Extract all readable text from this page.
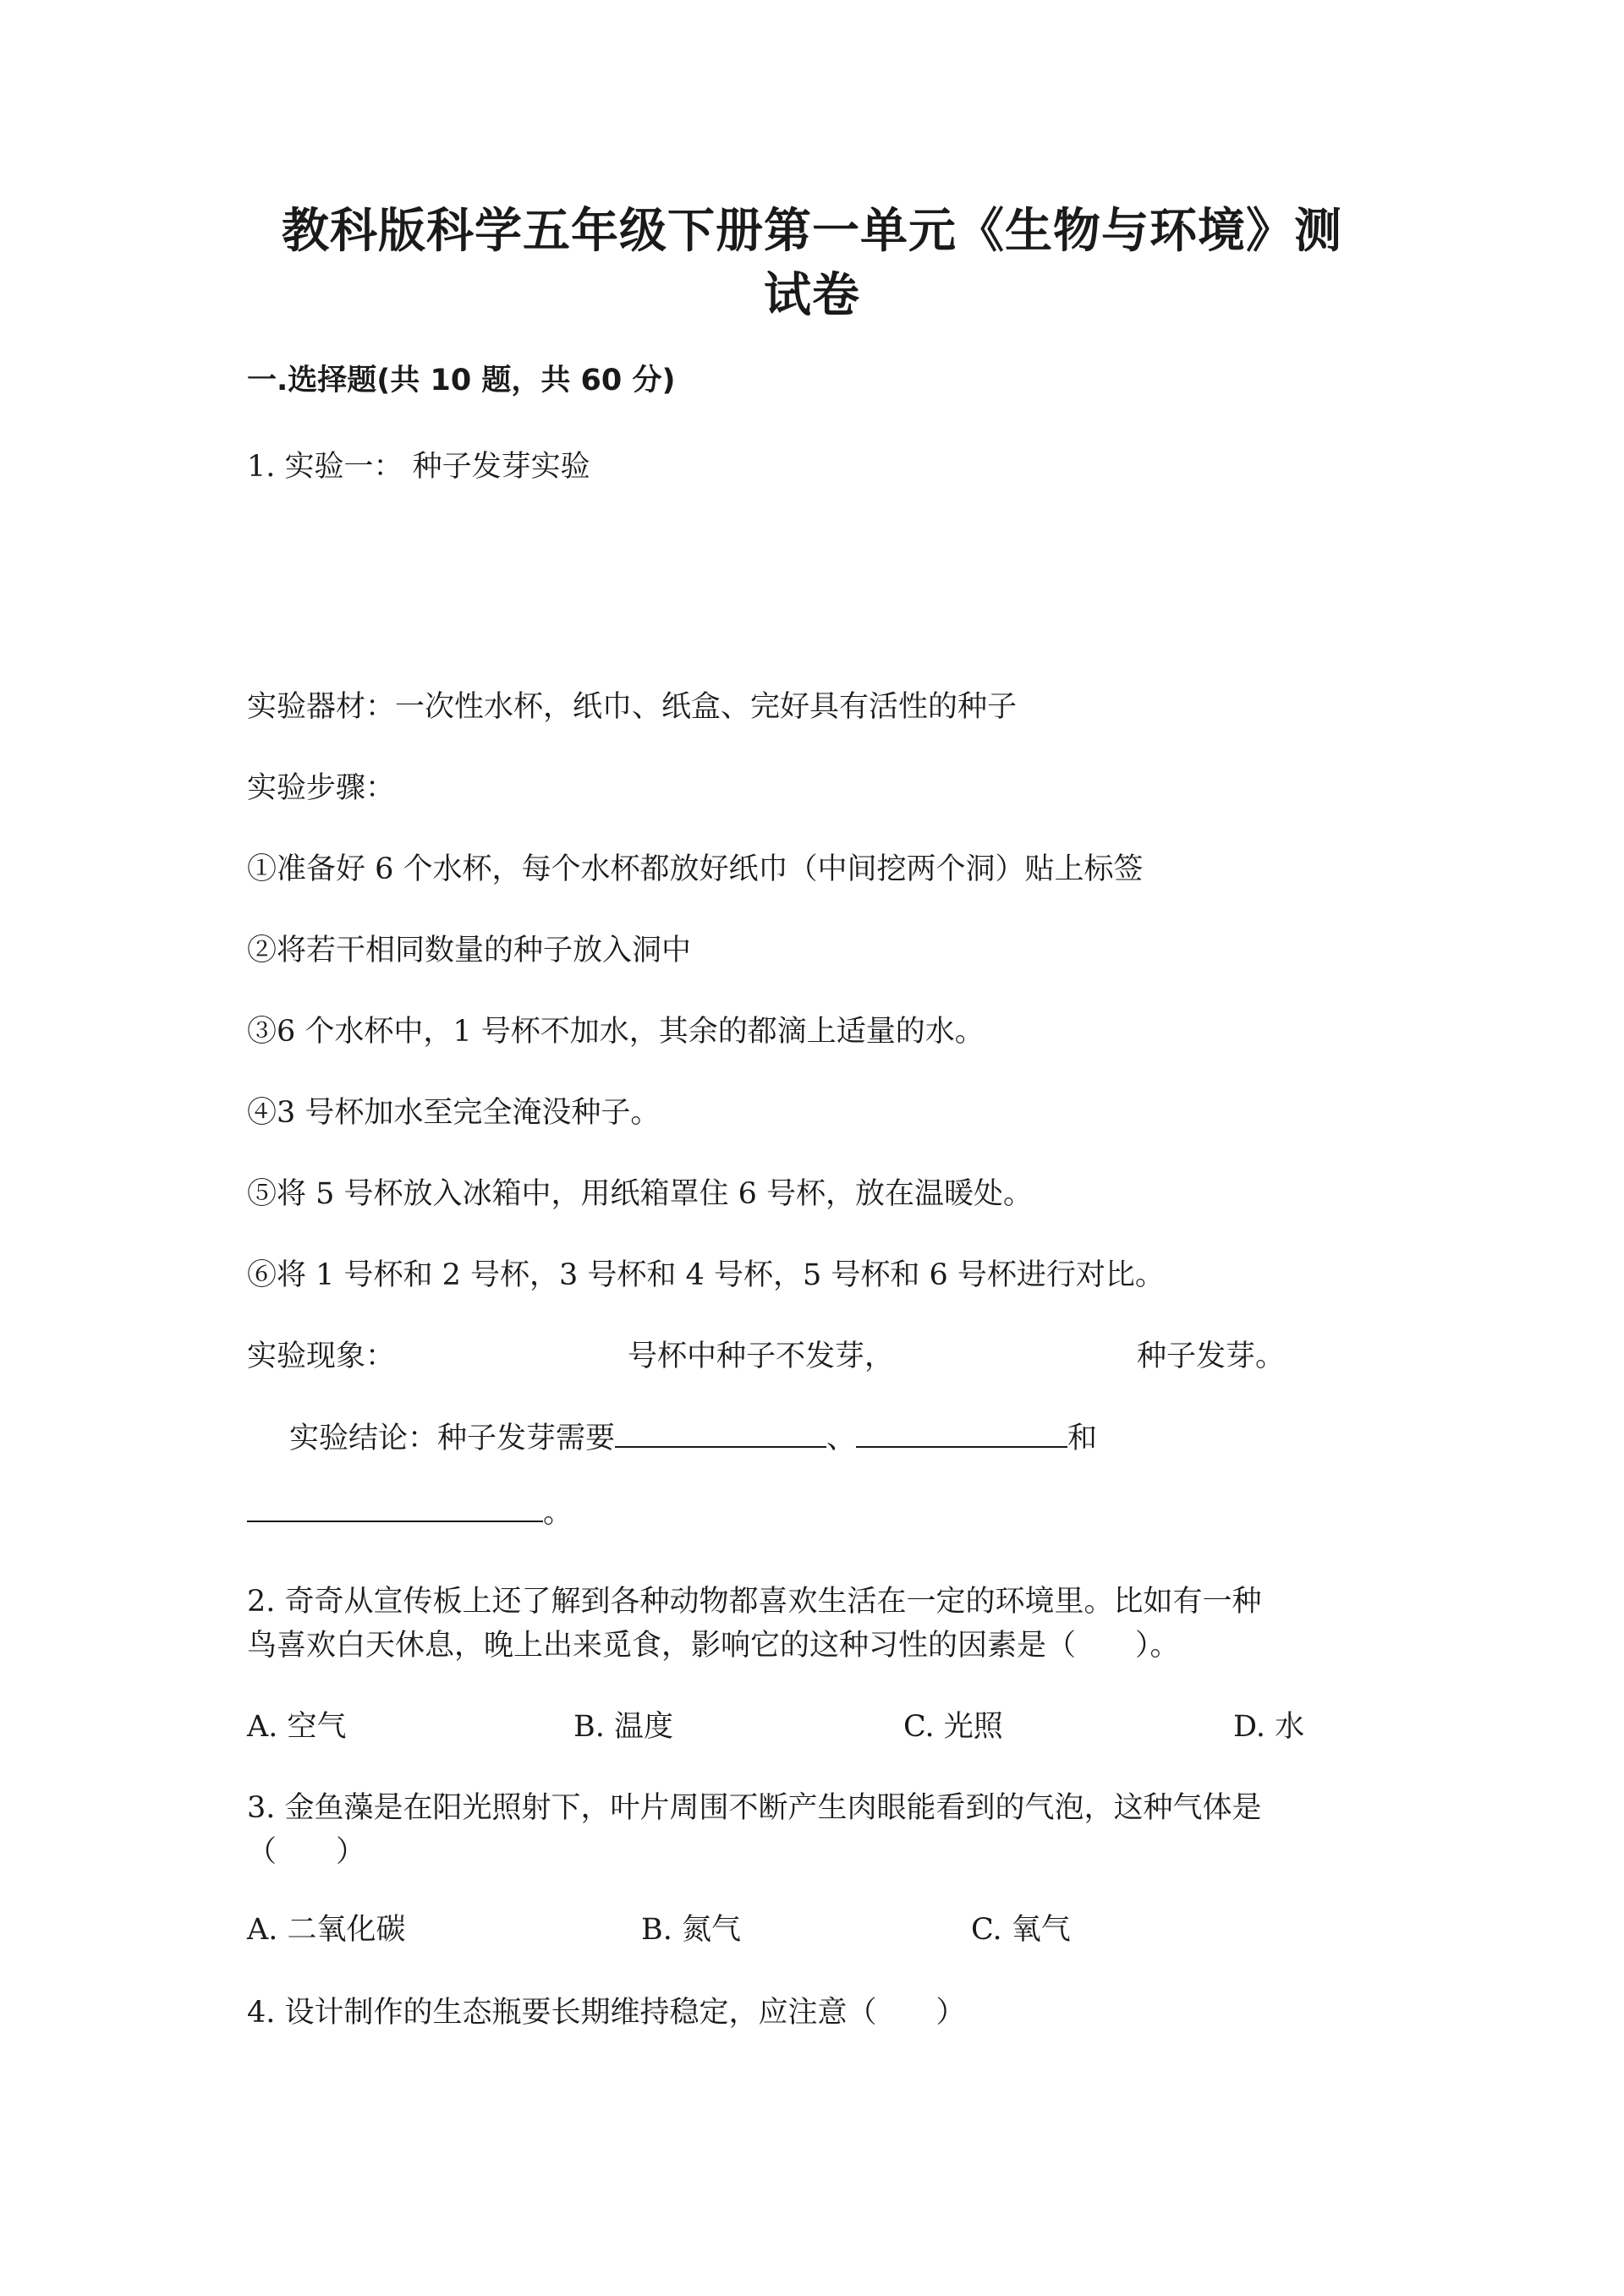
教科版科学五年级下册第一单元《生物与环境》测
试卷
一.选择题(共 10 题，共 60 分)
1. 实验一： 种子发芽实验
实验器材：一次性水杯，纸巾、纸盒、完好具有活性的种子
实验步骤：
①准备好 6 个水杯，每个水杯都放好纸巾（中间挖两个洞）贴上标签
②将若干相同数量的种子放入洞中
③6 个水杯中，1 号杯不加水，其余的都滴上适量的水。
④3 号杯加水至完全淹没种子。
⑤将 5 号杯放入冰箱中，用纸箱罩住 6 号杯，放在温暖处。
⑥将 1 号杯和 2 号杯，3 号杯和 4 号杯，5 号杯和 6 号杯进行对比。
实验现象：	号杯中种子不发芽，	种子发芽。
实验结论：种子发芽需要	、	和
。
2. 奇奇从宣传板上还了解到各种动物都喜欢生活在一定的环境里。比如有一种
鸟喜欢白天休息，晚上出来觅食，影响它的这种习性的因素是（　　）。
A. 空气	B. 温度	C. 光照	D. 水
3. 金鱼藻是在阳光照射下，叶片周围不断产生肉眼能看到的气泡，这种气体是
（　　）
A. 二氧化碳	B. 氮气	C. 氧气
4. 设计制作的生态瓶要长期维持稳定，应注意（　　）
